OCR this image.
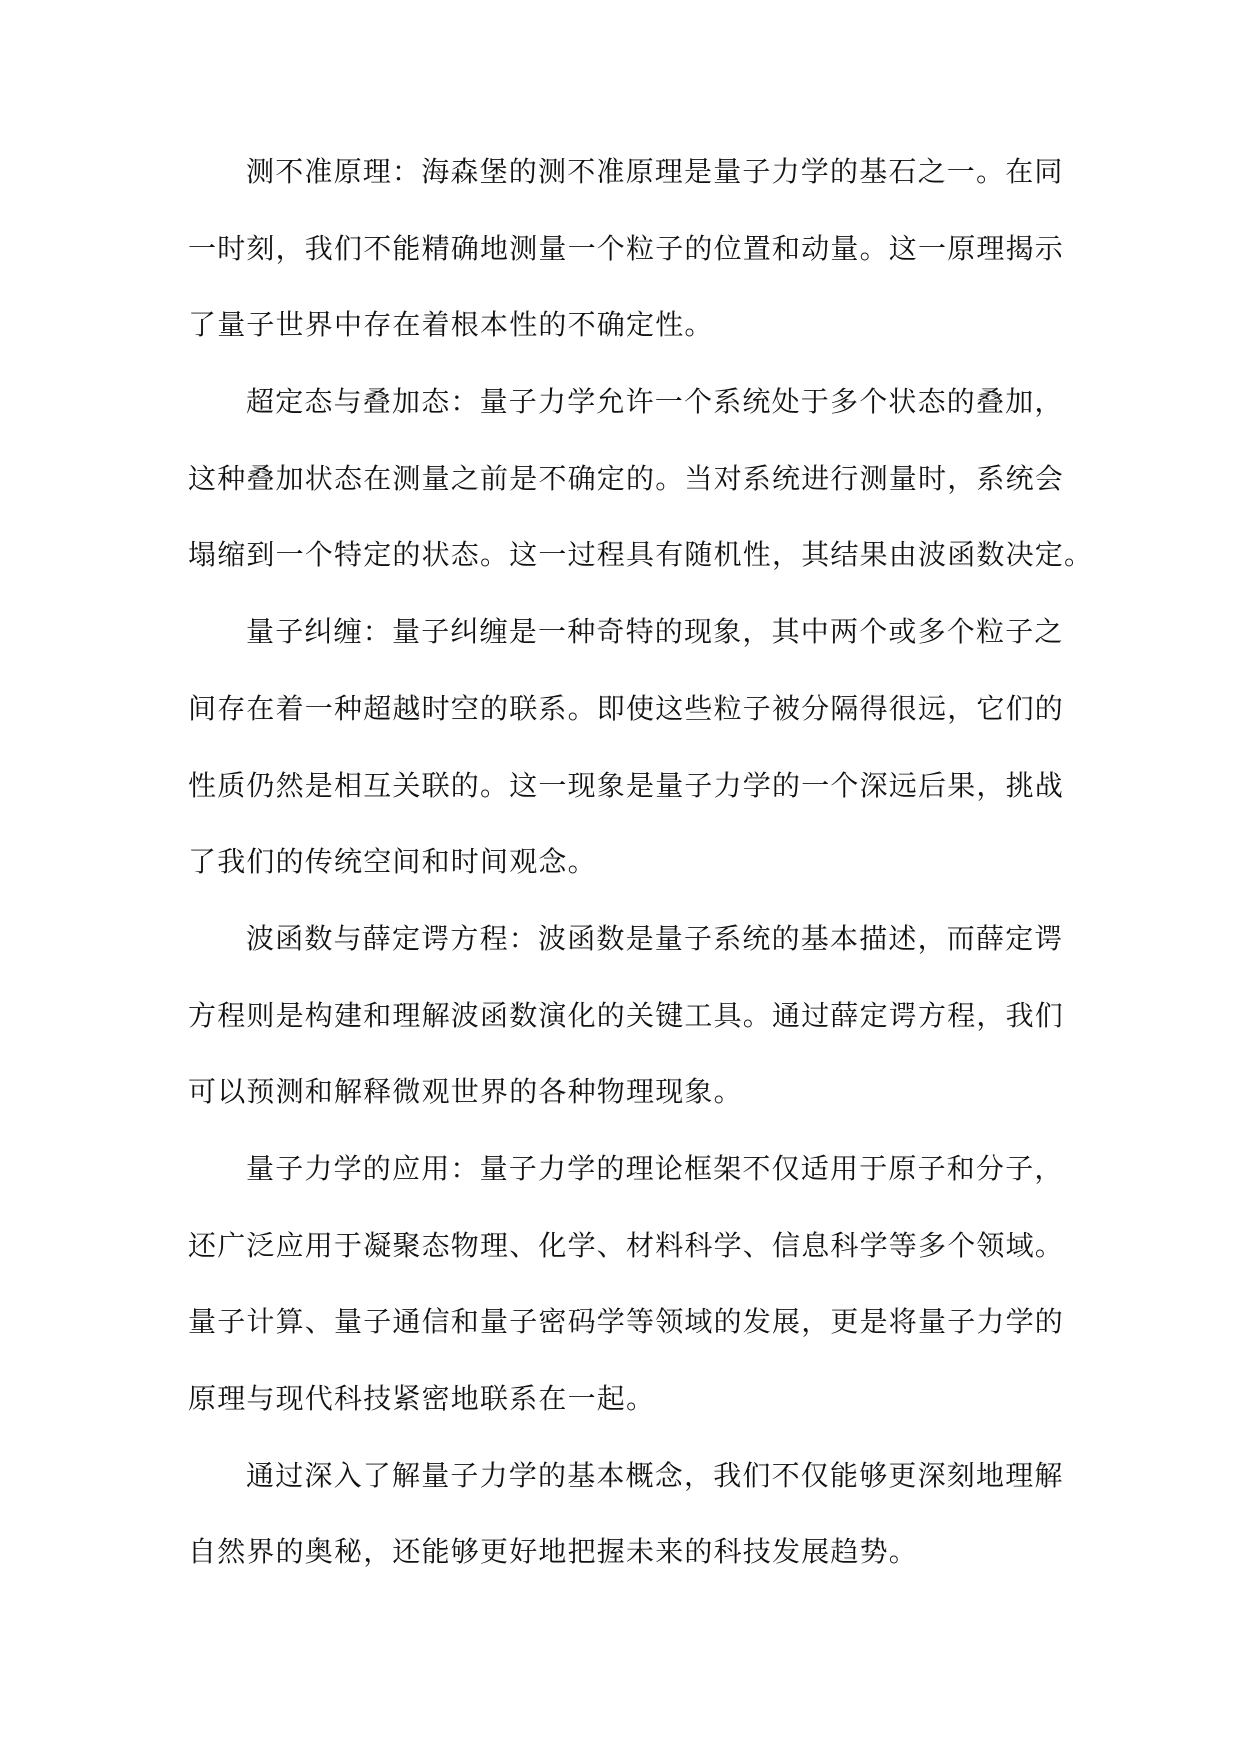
测不准原理：海森堡的测不准原理是量子力学的基石之一。在同
一时刻，我们不能精确地测量一个粒子的位置和动量。这一原理揭示
了量子世界中存在着根本性的不确定性。
超定态与叠加态：量子力学允许一个系统处于多个状态的叠加，
这种叠加状态在测量之前是不确定的。当对系统进行测量时，系统会
塌缩到一个特定的状态。这一过程具有随机性，其结果由波函数决定。
量子纠缠：量子纠缠是一种奇特的现象，其中两个或多个粒子之
间存在着一种超越时空的联系。即使这些粒子被分隔得很远，它们的
性质仍然是相互关联的。这一现象是量子力学的一个深远后果，挑战
了我们的传统空间和时间观念。
波函数与薛定谔方程：波函数是量子系统的基本描述，而薛定谔
方程则是构建和理解波函数演化的关键工具。通过薛定谔方程，我们
可以预测和解释微观世界的各种物理现象。
量子力学的应用：量子力学的理论框架不仅适用于原子和分子，
还广泛应用于凝聚态物理、化学、材料科学、信息科学等多个领域。
量子计算、量子通信和量子密码学等领域的发展，更是将量子力学的
原理与现代科技紧密地联系在一起。
通过深入了解量子力学的基本概念，我们不仅能够更深刻地理解
自然界的奥秘，还能够更好地把握未来的科技发展趋势。
